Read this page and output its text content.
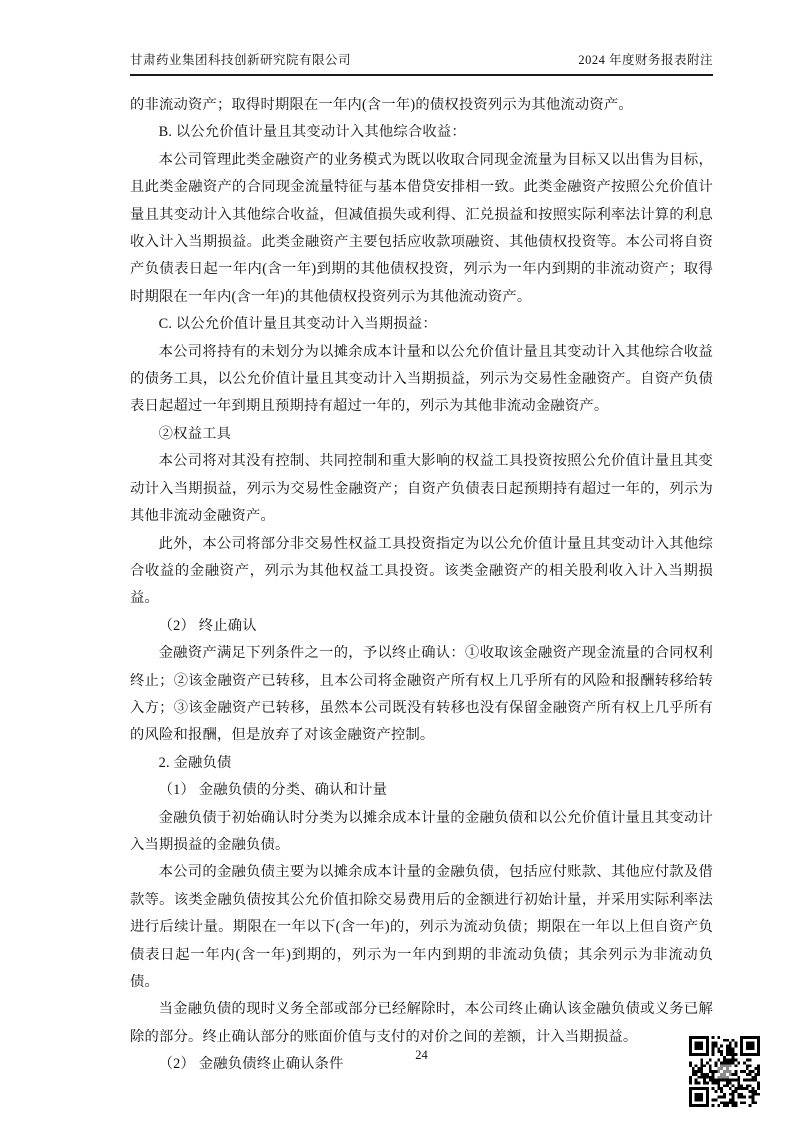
甘肃药业集团科技创新研究院有限公司	2024 年度财务报表附注

的非流动资产；取得时期限在一年内(含一年)的债权投资列示为其他流动资产。

B. 以公允价值计量且其变动计入其他综合收益：

本公司管理此类金融资产的业务模式为既以收取合同现金流量为目标又以出售为目标，且此类金融资产的合同现金流量特征与基本借贷安排相一致。此类金融资产按照公允价值计量且其变动计入其他综合收益，但减值损失或利得、汇兑损益和按照实际利率法计算的利息收入计入当期损益。此类金融资产主要包括应收款项融资、其他债权投资等。本公司将自资产负债表日起一年内(含一年)到期的其他债权投资，列示为一年内到期的非流动资产；取得时期限在一年内(含一年)的其他债权投资列示为其他流动资产。

C. 以公允价值计量且其变动计入当期损益：

本公司将持有的未划分为以摊余成本计量和以公允价值计量且其变动计入其他综合收益的债务工具，以公允价值计量且其变动计入当期损益，列示为交易性金融资产。自资产负债表日起超过一年到期且预期持有超过一年的，列示为其他非流动金融资产。

②权益工具

本公司将对其没有控制、共同控制和重大影响的权益工具投资按照公允价值计量且其变动计入当期损益，列示为交易性金融资产；自资产负债表日起预期持有超过一年的，列示为其他非流动金融资产。

此外，本公司将部分非交易性权益工具投资指定为以公允价值计量且其变动计入其他综合收益的金融资产，列示为其他权益工具投资。该类金融资产的相关股利收入计入当期损益。

（2） 终止确认

金融资产满足下列条件之一的，予以终止确认：①收取该金融资产现金流量的合同权利终止；②该金融资产已转移，且本公司将金融资产所有权上几乎所有的风险和报酬转移给转入方；③该金融资产已转移，虽然本公司既没有转移也没有保留金融资产所有权上几乎所有的风险和报酬，但是放弃了对该金融资产控制。

2. 金融负债

（1） 金融负债的分类、确认和计量

金融负债于初始确认时分类为以摊余成本计量的金融负债和以公允价值计量且其变动计入当期损益的金融负债。

本公司的金融负债主要为以摊余成本计量的金融负债，包括应付账款、其他应付款及借款等。该类金融负债按其公允价值扣除交易费用后的金额进行初始计量，并采用实际利率法进行后续计量。期限在一年以下(含一年)的，列示为流动负债；期限在一年以上但自资产负债表日起一年内(含一年)到期的，列示为一年内到期的非流动负债；其余列示为非流动负债。

当金融负债的现时义务全部或部分已经解除时，本公司终止确认该金融负债或义务已解除的部分。终止确认部分的账面价值与支付的对价之间的差额，计入当期损益。

（2） 金融负债终止确认条件

24
